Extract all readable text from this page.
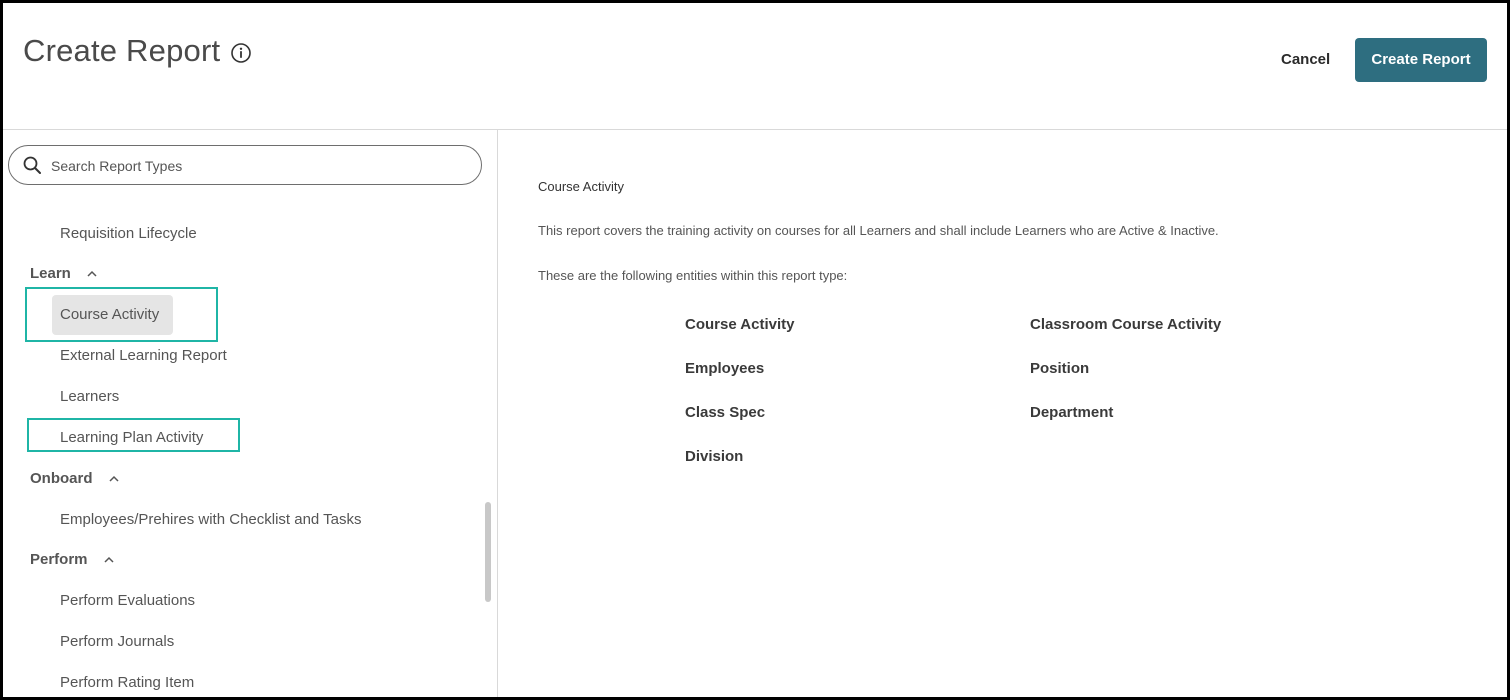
Create Report	Cancel	Create Report
Search Report Types
Requisition Lifecycle
Learn
Course Activity
External Learning Report
Learners
Learning Plan Activity
Onboard
Employees/Prehires with Checklist and Tasks
Perform
Perform Evaluations
Perform Journals
Perform Rating Item
Course Activity
This report covers the training activity on courses for all Learners and shall include Learners who are Active & Inactive.
These are the following entities within this report type:
Course Activity	Classroom Course Activity
Employees	Position
Class Spec	Department
Division
